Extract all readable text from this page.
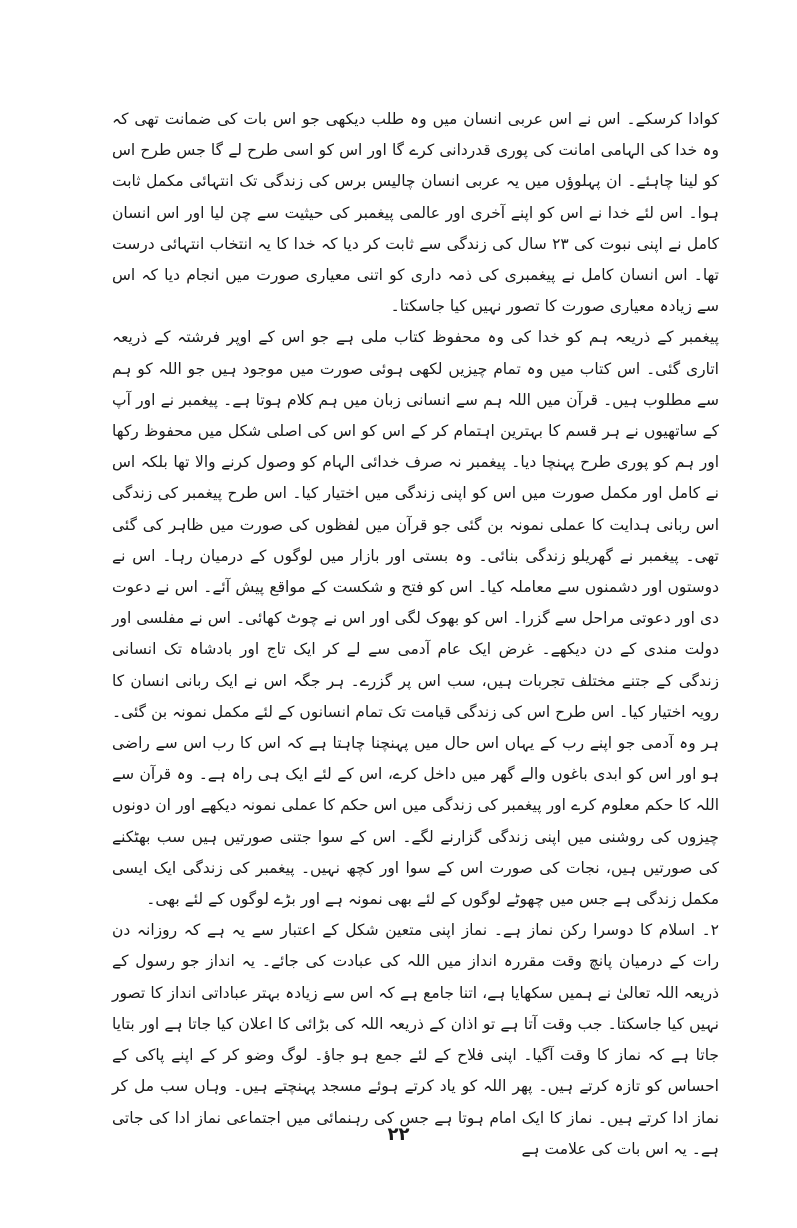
کوادا کرسکے۔ اس نے اس عربی انسان میں وہ طلب دیکھی جو اس بات کی ضمانت تھی کہ وہ خدا کی الہامی امانت کی پوری قدردانی کرے گا اور اس کو اسی طرح لے گا جس طرح اس کو لینا چاہئے۔ ان پہلوؤں میں یہ عربی انسان چالیس برس کی زندگی تک انتہائی مکمل ثابت ہوا۔ اس لئے خدا نے اس کو اپنے آخری اور عالمی پیغمبر کی حیثیت سے چن لیا اور اس انسان کامل نے اپنی نبوت کی ۲۳ سال کی زندگی سے ثابت کر دیا کہ خدا کا یہ انتخاب انتہائی درست تھا۔ اس انسان کامل نے پیغمبری کی ذمہ داری کو اتنی معیاری صورت میں انجام دیا کہ اس سے زیادہ معیاری صورت کا تصور نہیں کیا جاسکتا۔

پیغمبر کے ذریعہ ہم کو خدا کی وہ محفوظ کتاب ملی ہے جو اس کے اوپر فرشتہ کے ذریعہ اتاری گئی۔ اس کتاب میں وہ تمام چیزیں لکھی ہوئی صورت میں موجود ہیں جو اللہ کو ہم سے مطلوب ہیں۔ قرآن میں اللہ ہم سے انسانی زبان میں ہم کلام ہوتا ہے۔ پیغمبر نے اور آپ کے ساتھیوں نے ہر قسم کا بہترین اہتمام کر کے اس کو اس کی اصلی شکل میں محفوظ رکھا اور ہم کو پوری طرح پہنچا دیا۔ پیغمبر نہ صرف خدائی الہام کو وصول کرنے والا تھا بلکہ اس نے کامل اور مکمل صورت میں اس کو اپنی زندگی میں اختیار کیا۔ اس طرح پیغمبر کی زندگی اس ربانی ہدایت کا عملی نمونہ بن گئی جو قرآن میں لفظوں کی صورت میں ظاہر کی گئی تھی۔ پیغمبر نے گھریلو زندگی بنائی۔ وہ بستی اور بازار میں لوگوں کے درمیان رہا۔ اس نے دوستوں اور دشمنوں سے معاملہ کیا۔ اس کو فتح و شکست کے مواقع پیش آئے۔ اس نے دعوت دی اور دعوتی مراحل سے گزرا۔ اس کو بھوک لگی اور اس نے چوٹ کھائی۔ اس نے مفلسی اور دولت مندی کے دن دیکھے۔ غرض ایک عام آدمی سے لے کر ایک تاج اور بادشاہ تک انسانی زندگی کے جتنے مختلف تجربات ہیں، سب اس پر گزرے۔ ہر جگہ اس نے ایک ربانی انسان کا رویہ اختیار کیا۔ اس طرح اس کی زندگی قیامت تک تمام انسانوں کے لئے مکمل نمونہ بن گئی۔ ہر وہ آدمی جو اپنے رب کے یہاں اس حال میں پہنچنا چاہتا ہے کہ اس کا رب اس سے راضی ہو اور اس کو ابدی باغوں والے گھر میں داخل کرے، اس کے لئے ایک ہی راہ ہے۔ وہ قرآن سے اللہ کا حکم معلوم کرے اور پیغمبر کی زندگی میں اس حکم کا عملی نمونہ دیکھے اور ان دونوں چیزوں کی روشنی میں اپنی زندگی گزارنے لگے۔ اس کے سوا جتنی صورتیں ہیں سب بھٹکنے کی صورتیں ہیں، نجات کی صورت اس کے سوا اور کچھ نہیں۔ پیغمبر کی زندگی ایک ایسی مکمل زندگی ہے جس میں چھوٹے لوگوں کے لئے بھی نمونہ ہے اور بڑے لوگوں کے لئے بھی۔

۲۔ اسلام کا دوسرا رکن نماز ہے۔ نماز اپنی متعین شکل کے اعتبار سے یہ ہے کہ روزانہ دن رات کے درمیان پانچ وقت مقررہ انداز میں اللہ کی عبادت کی جائے۔ یہ انداز جو رسول کے ذریعہ اللہ تعالیٰ نے ہمیں سکھایا ہے، اتنا جامع ہے کہ اس سے زیادہ بہتر عباداتی انداز کا تصور نہیں کیا جاسکتا۔ جب وقت آتا ہے تو اذان کے ذریعہ اللہ کی بڑائی کا اعلان کیا جاتا ہے اور بتایا جاتا ہے کہ نماز کا وقت آگیا۔ اپنی فلاح کے لئے جمع ہو جاؤ۔ لوگ وضو کر کے اپنے پاکی کے احساس کو تازہ کرتے ہیں۔ پھر اللہ کو یاد کرتے ہوئے مسجد پہنچتے ہیں۔ وہاں سب مل کر نماز ادا کرتے ہیں۔ نماز کا ایک امام ہوتا ہے جس کی رہنمائی میں اجتماعی نماز ادا کی جاتی ہے۔ یہ اس بات کی علامت ہے

۲۲
